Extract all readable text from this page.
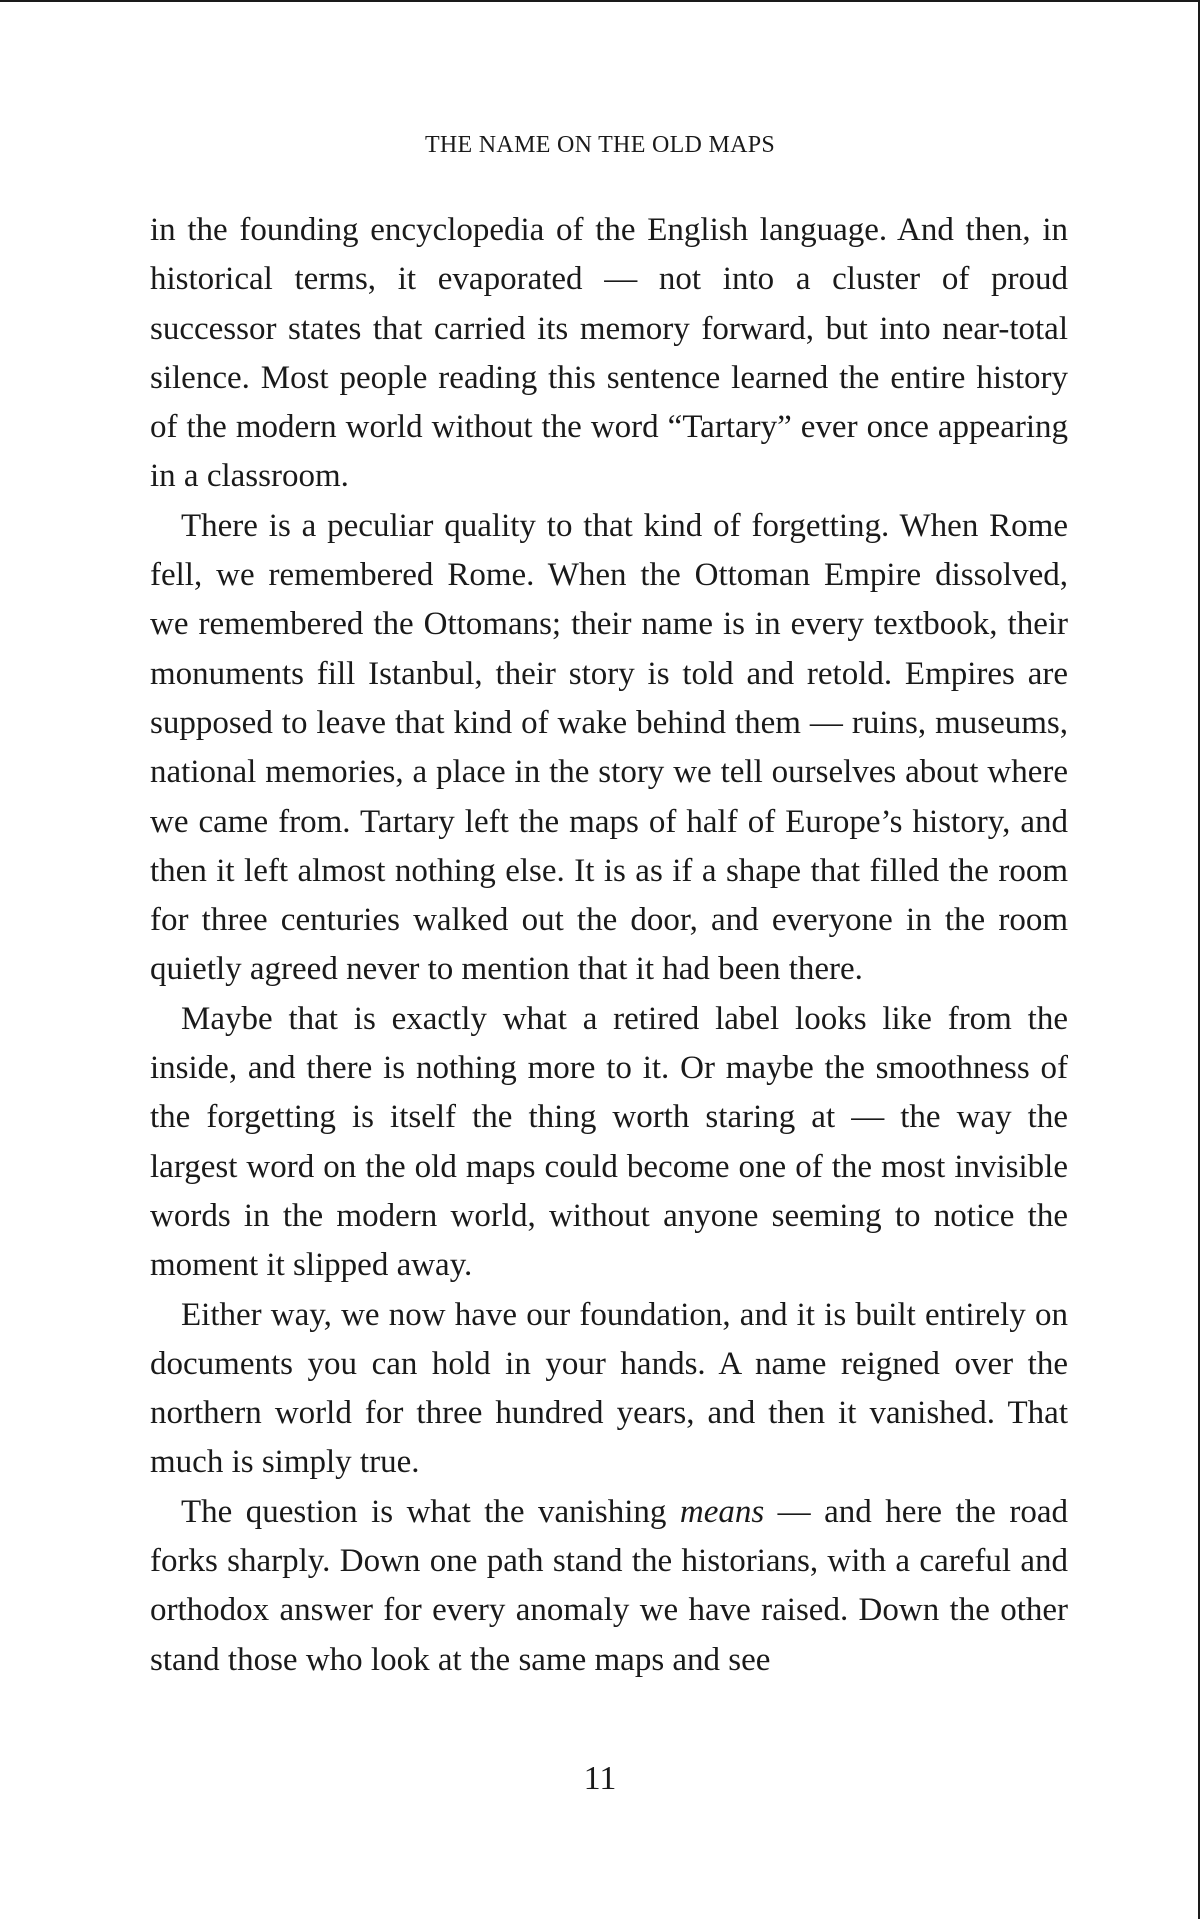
THE NAME ON THE OLD MAPS

in the founding encyclopedia of the English language. And then, in historical terms, it evaporated — not into a cluster of proud successor states that carried its memory forward, but into near-total silence. Most people reading this sentence learned the entire history of the modern world without the word “Tartary” ever once appearing in a classroom.

There is a peculiar quality to that kind of forgetting. When Rome fell, we remembered Rome. When the Ottoman Empire dissolved, we remembered the Ottomans; their name is in every textbook, their monuments fill Istanbul, their story is told and retold. Empires are supposed to leave that kind of wake behind them — ruins, museums, national memories, a place in the story we tell ourselves about where we came from. Tartary left the maps of half of Europe’s history, and then it left almost nothing else. It is as if a shape that filled the room for three centuries walked out the door, and everyone in the room quietly agreed never to mention that it had been there.

Maybe that is exactly what a retired label looks like from the inside, and there is nothing more to it. Or maybe the smoothness of the forgetting is itself the thing worth staring at — the way the largest word on the old maps could become one of the most invisible words in the modern world, without anyone seeming to notice the moment it slipped away.

Either way, we now have our foundation, and it is built entirely on documents you can hold in your hands. A name reigned over the northern world for three hundred years, and then it vanished. That much is simply true.

The question is what the vanishing means — and here the road forks sharply. Down one path stand the historians, with a careful and orthodox answer for every anomaly we have raised. Down the other stand those who look at the same maps and see

11
